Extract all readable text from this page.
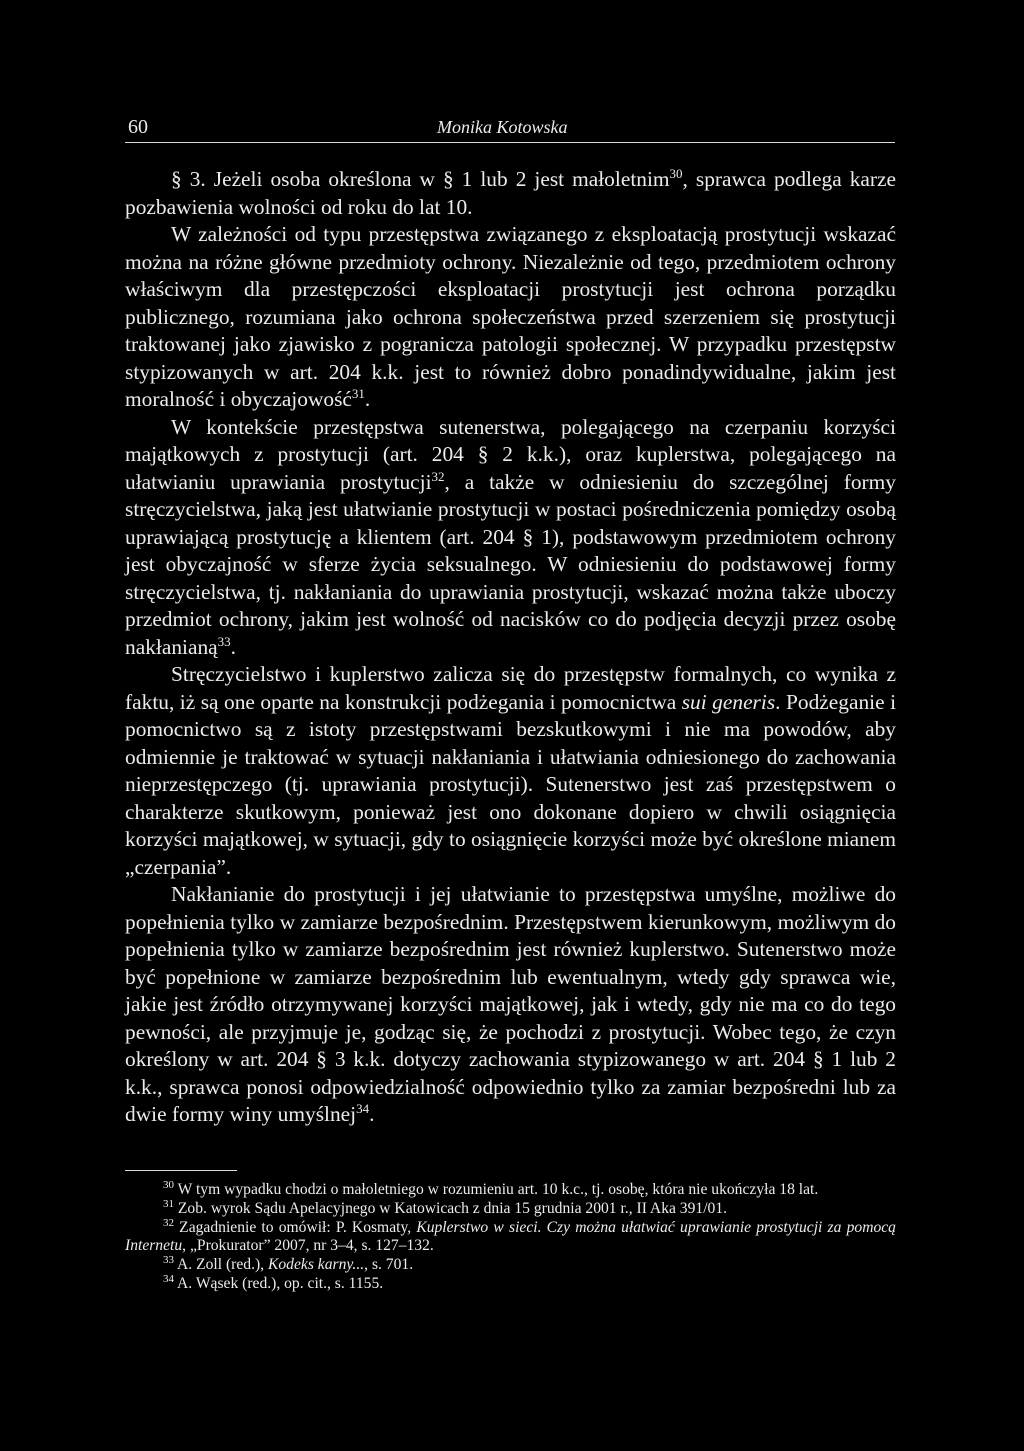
60	Monika Kotowska

§ 3. Jeżeli osoba określona w § 1 lub 2 jest małoletnim$^{30}$, sprawca podlega karze pozbawienia wolności od roku do lat 10.

W zależności od typu przestępstwa związanego z eksploatacją prostytucji wskazać można na różne główne przedmioty ochrony. Niezależnie od tego, przedmiotem ochrony właściwym dla przestępczości eksploatacji prostytucji jest ochrona porządku publicznego, rozumiana jako ochrona społeczeństwa przed szerzeniem się prostytucji traktowanej jako zjawisko z pogranicza patologii społecznej. W przypadku przestępstw stypizowanych w art. 204 k.k. jest to również dobro ponadindywidualne, jakim jest moralność i obyczajowość$^{31}$.

W kontekście przestępstwa sutenerstwa, polegającego na czerpaniu korzyści majątkowych z prostytucji (art. 204 § 2 k.k.), oraz kuplerstwa, polegającego na ułatwianiu uprawiania prostytucji$^{32}$, a także w odniesieniu do szczególnej formy stręczycielstwa, jaką jest ułatwianie prostytucji w postaci pośredniczenia pomiędzy osobą uprawiającą prostytucję a klientem (art. 204 § 1), podstawowym przedmiotem ochrony jest obyczajność w sferze życia seksualnego. W odniesieniu do podstawowej formy stręczycielstwa, tj. nakłaniania do uprawiania prostytucji, wskazać można także uboczy przedmiot ochrony, jakim jest wolność od nacisków co do podjęcia decyzji przez osobę nakłanianą$^{33}$.

Stręczycielstwo i kuplerstwo zalicza się do przestępstw formalnych, co wynika z faktu, iż są one oparte na konstrukcji podżegania i pomocnictwa sui generis. Podżeganie i pomocnictwo są z istoty przestępstwami bezskutkowymi i nie ma powodów, aby odmiennie je traktować w sytuacji nakłaniania i ułatwiania odniesionego do zachowania nieprzestępczego (tj. uprawiania prostytucji). Sutenerstwo jest zaś przestępstwem o charakterze skutkowym, ponieważ jest ono dokonane dopiero w chwili osiągnięcia korzyści majątkowej, w sytuacji, gdy to osiągnięcie korzyści może być określone mianem „czerpania”.

Nakłanianie do prostytucji i jej ułatwianie to przestępstwa umyślne, możliwe do popełnienia tylko w zamiarze bezpośrednim. Przestępstwem kierunkowym, możliwym do popełnienia tylko w zamiarze bezpośrednim jest również kuplerstwo. Sutenerstwo może być popełnione w zamiarze bezpośrednim lub ewentualnym, wtedy gdy sprawca wie, jakie jest źródło otrzymywanej korzyści majątkowej, jak i wtedy, gdy nie ma co do tego pewności, ale przyjmuje je, godząc się, że pochodzi z prostytucji. Wobec tego, że czyn określony w art. 204 § 3 k.k. dotyczy zachowania stypizowanego w art. 204 § 1 lub 2 k.k., sprawca ponosi odpowiedzialność odpowiednio tylko za zamiar bezpośredni lub za dwie formy winy umyślnej$^{34}$.

$^{30}$ W tym wypadku chodzi o małoletniego w rozumieniu art. 10 k.c., tj. osobę, która nie ukończyła 18 lat.

$^{31}$ Zob. wyrok Sądu Apelacyjnego w Katowicach z dnia 15 grudnia 2001 r., II Aka 391/01.

$^{32}$ Zagadnienie to omówił: P. Kosmaty, Kuplerstwo w sieci. Czy można ułatwiać uprawianie prostytucji za pomocą Internetu, „Prokurator” 2007, nr 3–4, s. 127–132.

$^{33}$ A. Zoll (red.), Kodeks karny..., s. 701.

$^{34}$ A. Wąsek (red.), op. cit., s. 1155.
